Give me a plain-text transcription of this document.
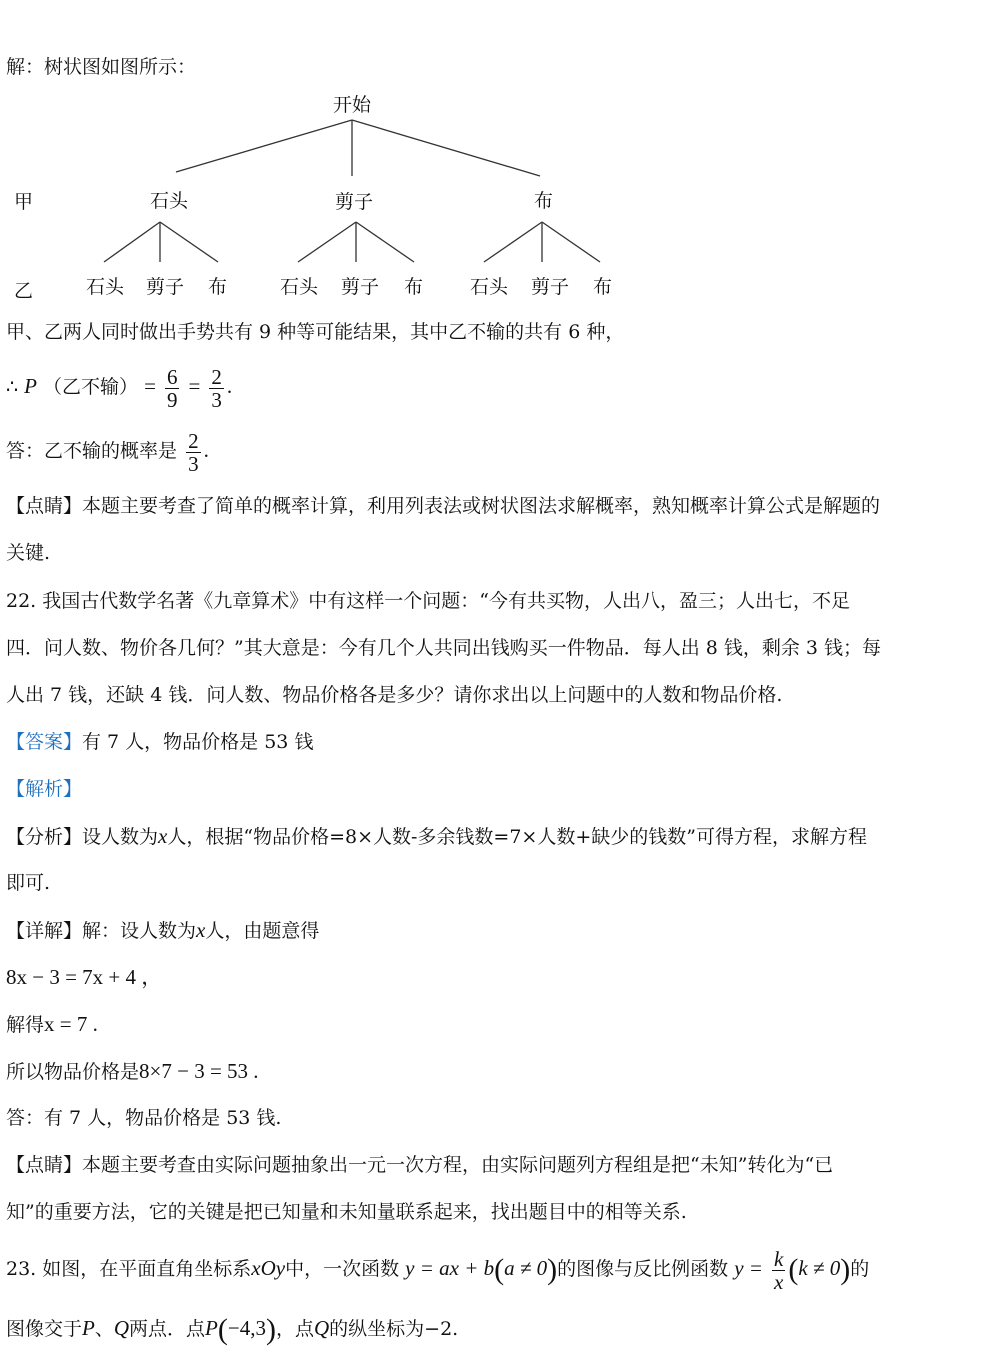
解：树状图如图所示：
开始
甲
乙
石头	剪子	布
石头 剪子 布	石头 剪子 布 石头 剪子 布
甲、乙两人同时做出手势共有 9 种等可能结果，其中乙不输的共有 6 种，
∴ P （乙不输） = $\frac{6}{9} = \frac{2}{3}$ .
答：乙不输的概率是 $\frac{2}{3}$ .
【点睛】本题主要考查了简单的概率计算，利用列表法或树状图法求解概率，熟知概率计算公式是解题的
关键.
22. 我国古代数学名著《九章算术》中有这样一个问题：“今有共买物，人出八，盈三；人出七，不足
四．问人数、物价各几何？”其大意是：今有几个人共同出钱购买一件物品．每人出 8 钱，剩余 3 钱；每
人出 7 钱，还缺 4 钱．问人数、物品价格各是多少？请你求出以上问题中的人数和物品价格.
【答案】有 7 人，物品价格是 53 钱
【解析】
【分析】设人数为x人，根据“物品价格=8×人数-多余钱数=7×人数+缺少的钱数”可得方程，求解方程
即可.
【详解】解：设人数为x人，由题意得
8x − 3 = 7x + 4 ，
解得x = 7 .
所以物品价格是8×7 − 3 = 53 .
答：有 7 人，物品价格是 53 钱.
【点睛】本题主要考查由实际问题抽象出一元一次方程，由实际问题列方程组是把“未知”转化为“已
知”的重要方法，它的关键是把已知量和未知量联系起来，找出题目中的相等关系.
23. 如图，在平面直角坐标系xOy中，一次函数 y = ax + b(a ≠ 0)的图像与反比例函数 $y = \frac{k}{x} (k \ne 0)$的
图像交于P、Q两点．点P(−4,3)，点Q的纵坐标为−2.
